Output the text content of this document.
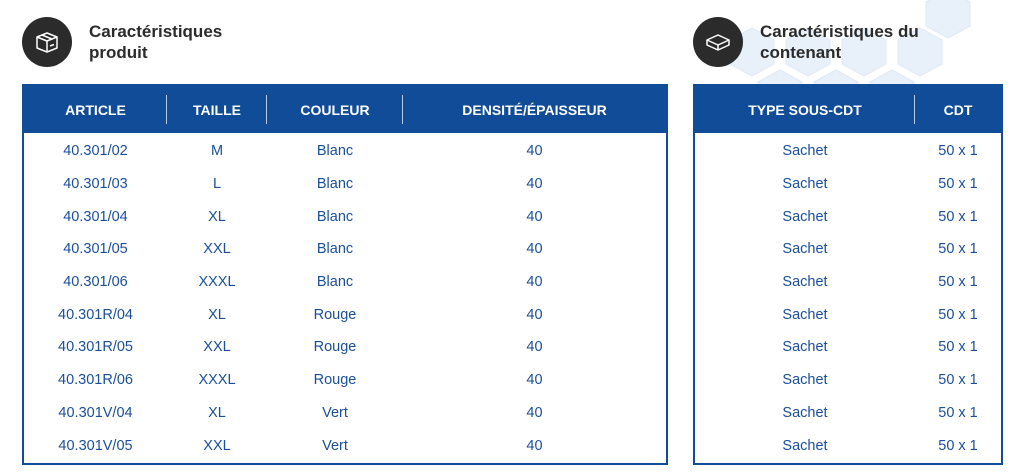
Caractéristiques
produit
ARTICLE	TAILLE	COULEUR	DENSITÉ/ÉPAISSEUR
40.301/02	M	Blanc	40
40.301/03	L	Blanc	40
40.301/04	XL	Blanc	40
40.301/05	XXL	Blanc	40
40.301/06	XXXL	Blanc	40
40.301R/04	XL	Rouge	40
40.301R/05	XXL	Rouge	40
40.301R/06	XXXL	Rouge	40
40.301V/04	XL	Vert	40
40.301V/05	XXL	Vert	40
Caractéristiques du
contenant
TYPE SOUS-CDT	CDT
Sachet	50 x 1
Sachet	50 x 1
Sachet	50 x 1
Sachet	50 x 1
Sachet	50 x 1
Sachet	50 x 1
Sachet	50 x 1
Sachet	50 x 1
Sachet	50 x 1
Sachet	50 x 1
